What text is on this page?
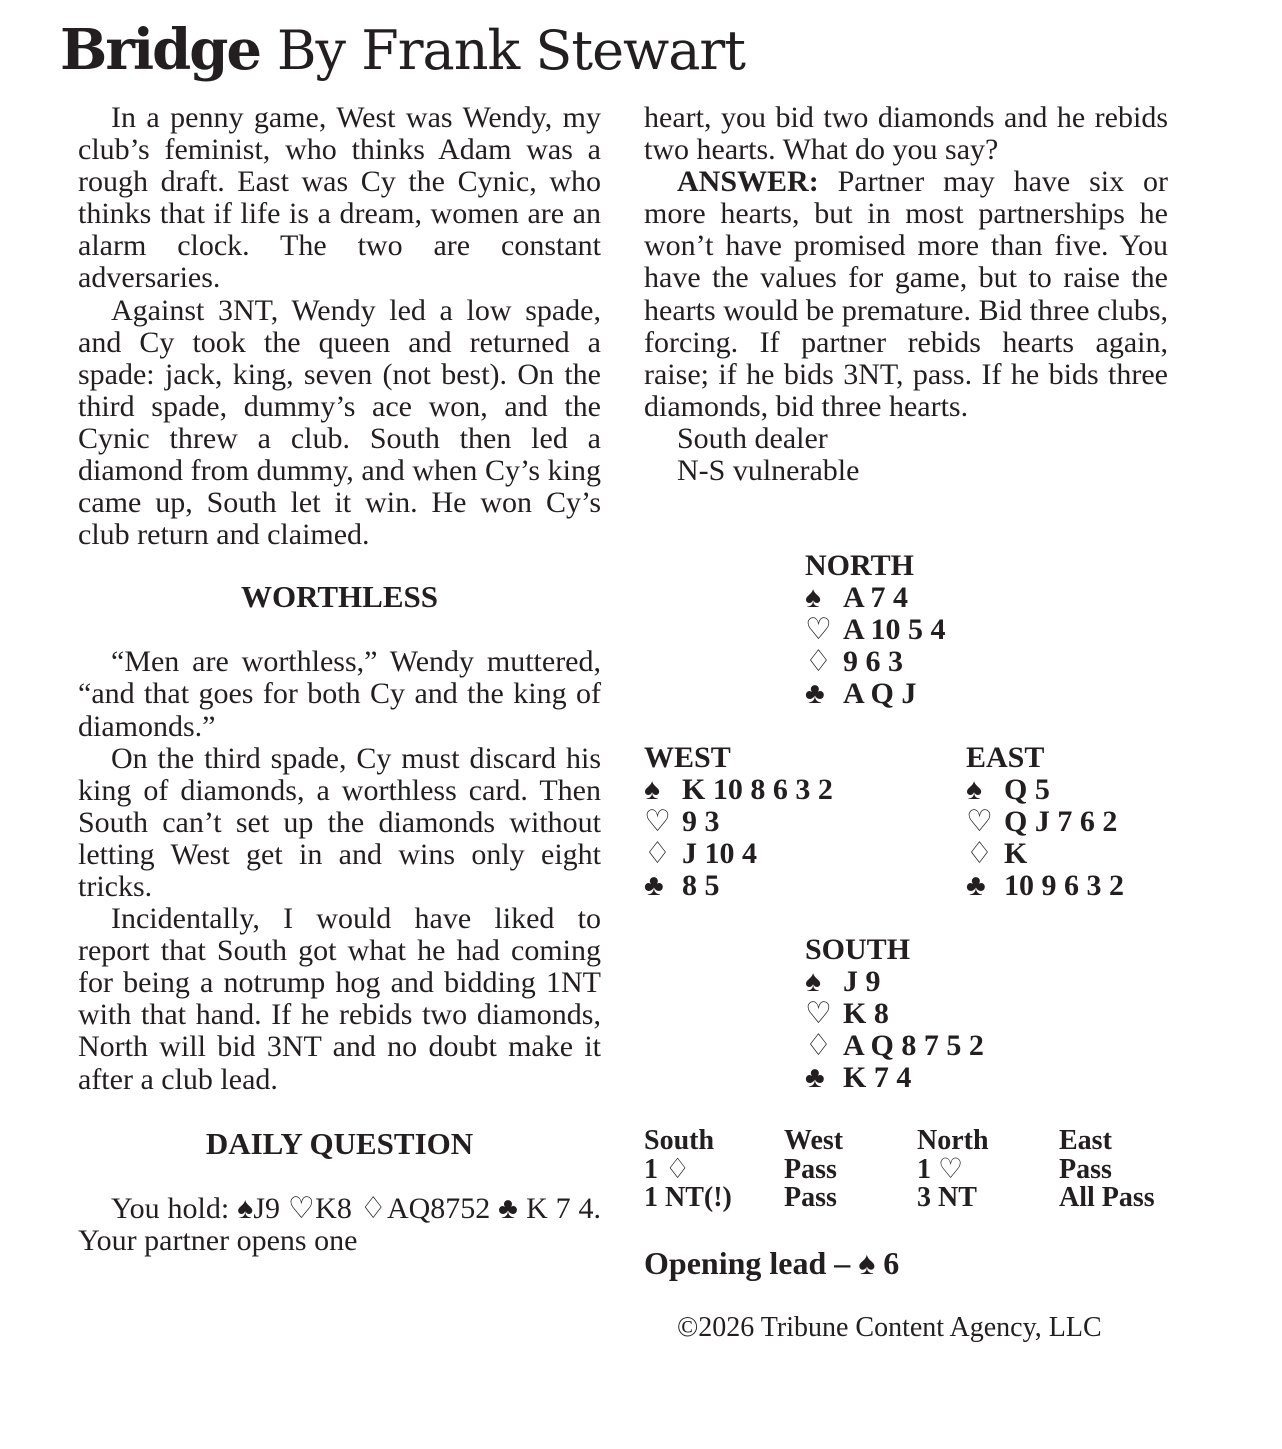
Bridge By Frank Stewart

In a penny game, West was Wendy, my club’s feminist, who thinks Adam was a rough draft. East was Cy the Cynic, who thinks that if life is a dream, women are an alarm clock. The two are constant adversaries.

Against 3NT, Wendy led a low spade, and Cy took the queen and returned a spade: jack, king, seven (not best). On the third spade, dummy’s ace won, and the Cynic threw a club. South then led a diamond from dummy, and when Cy’s king came up, South let it win. He won Cy’s club return and claimed.

WORTHLESS

“Men are worthless,” Wendy muttered, “and that goes for both Cy and the king of diamonds.”

On the third spade, Cy must discard his king of diamonds, a worthless card. Then South can’t set up the diamonds without letting West get in and wins only eight tricks.

Incidentally, I would have liked to report that South got what he had coming for being a notrump hog and bidding 1NT with that hand. If he rebids two diamonds, North will bid 3NT and no doubt make it after a club lead.

DAILY QUESTION

You hold: ♠J9 ♡K8 ♢AQ8752 ♣ K 7 4. Your partner opens one

heart, you bid two diamonds and he rebids two hearts. What do you say?

ANSWER: Partner may have six or more hearts, but in most partnerships he won’t have promised more than five. You have the values for game, but to raise the hearts would be premature. Bid three clubs, forcing. If partner rebids hearts again, raise; if he bids 3NT, pass. If he bids three diamonds, bid three hearts.

South dealer
N-S vulnerable
NORTH
♠ A 7 4
♡ A 10 5 4
♢ 9 6 3
♣ A Q J
WEST
♠ K 10 8 6 3 2
♡ 9 3
♢ J 10 4
♣ 8 5
EAST
♠ Q 5
♡ Q J 7 6 2
♢ K
♣ 10 9 6 3 2
SOUTH
♠ J 9
♡ K 8
♢ A Q 8 7 5 2
♣ K 7 4
South	West	North	East
1 ♢	Pass	1 ♡	Pass
1 NT(!)	Pass	3 NT	All Pass
Opening lead – ♠ 6
©2026 Tribune Content Agency, LLC
